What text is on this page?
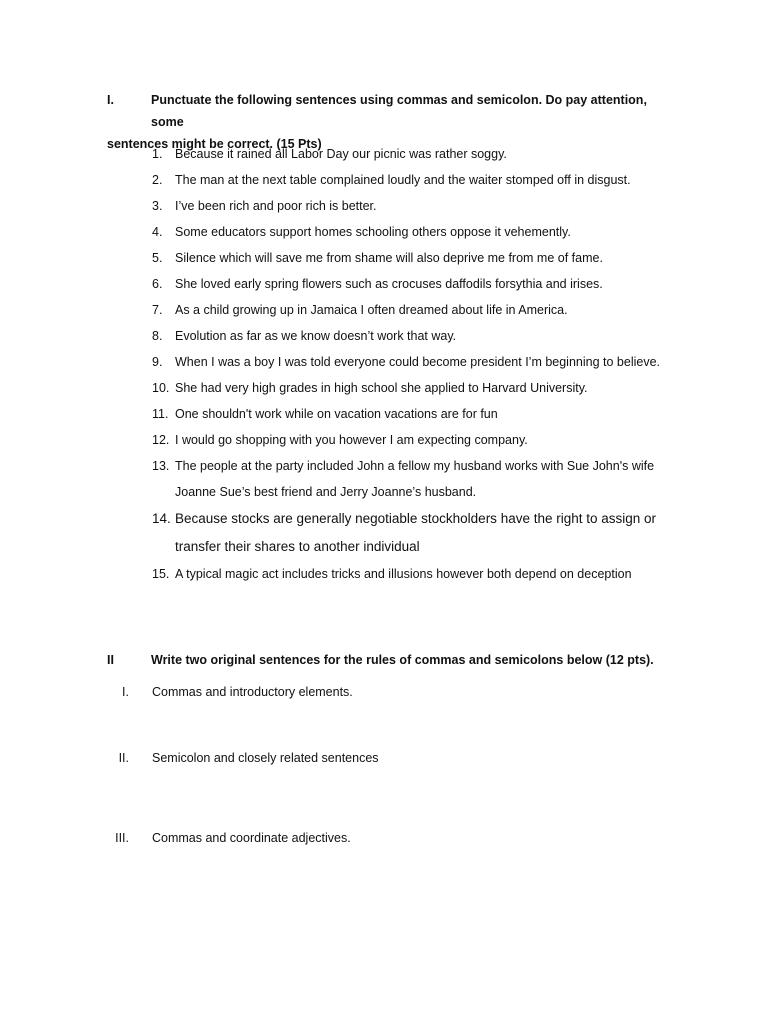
I.	Punctuate the following sentences using commas and semicolon. Do pay attention, some
sentences might be correct. (15 Pts)
1.	Because it rained all Labor Day our picnic was rather soggy.
2.	The man at the next table complained loudly and the waiter stomped off in disgust.
3.	I’ve been rich and poor rich is better.
4.	Some educators support homes schooling others oppose it vehemently.
5.	Silence which will save me from shame will also deprive me from me of fame.
6.	She loved early spring flowers such as crocuses daffodils forsythia and irises.
7.	As a child growing up in Jamaica I often dreamed about life in America.
8.	Evolution as far as we know doesn’t work that way.
9.	When I was a boy I was told everyone could become president I’m beginning to believe.
10. She had very high grades in high school she applied to Harvard University.
11. One shouldn't work while on vacation vacations are for fun
12. I would go shopping with you however I am expecting company.
13. The people at the party included John a fellow my husband works with Sue John's wife Joanne Sue’s best friend and Jerry Joanne’s husband.
14. Because stocks are generally negotiable stockholders have the right to assign or transfer their shares to another individual
15. A typical magic act includes tricks and illusions however both depend on deception
II	Write two original sentences for the rules of commas and semicolons below (12 pts).
I. Commas and introductory elements.
II. Semicolon and closely related sentences
III. Commas and coordinate adjectives.
